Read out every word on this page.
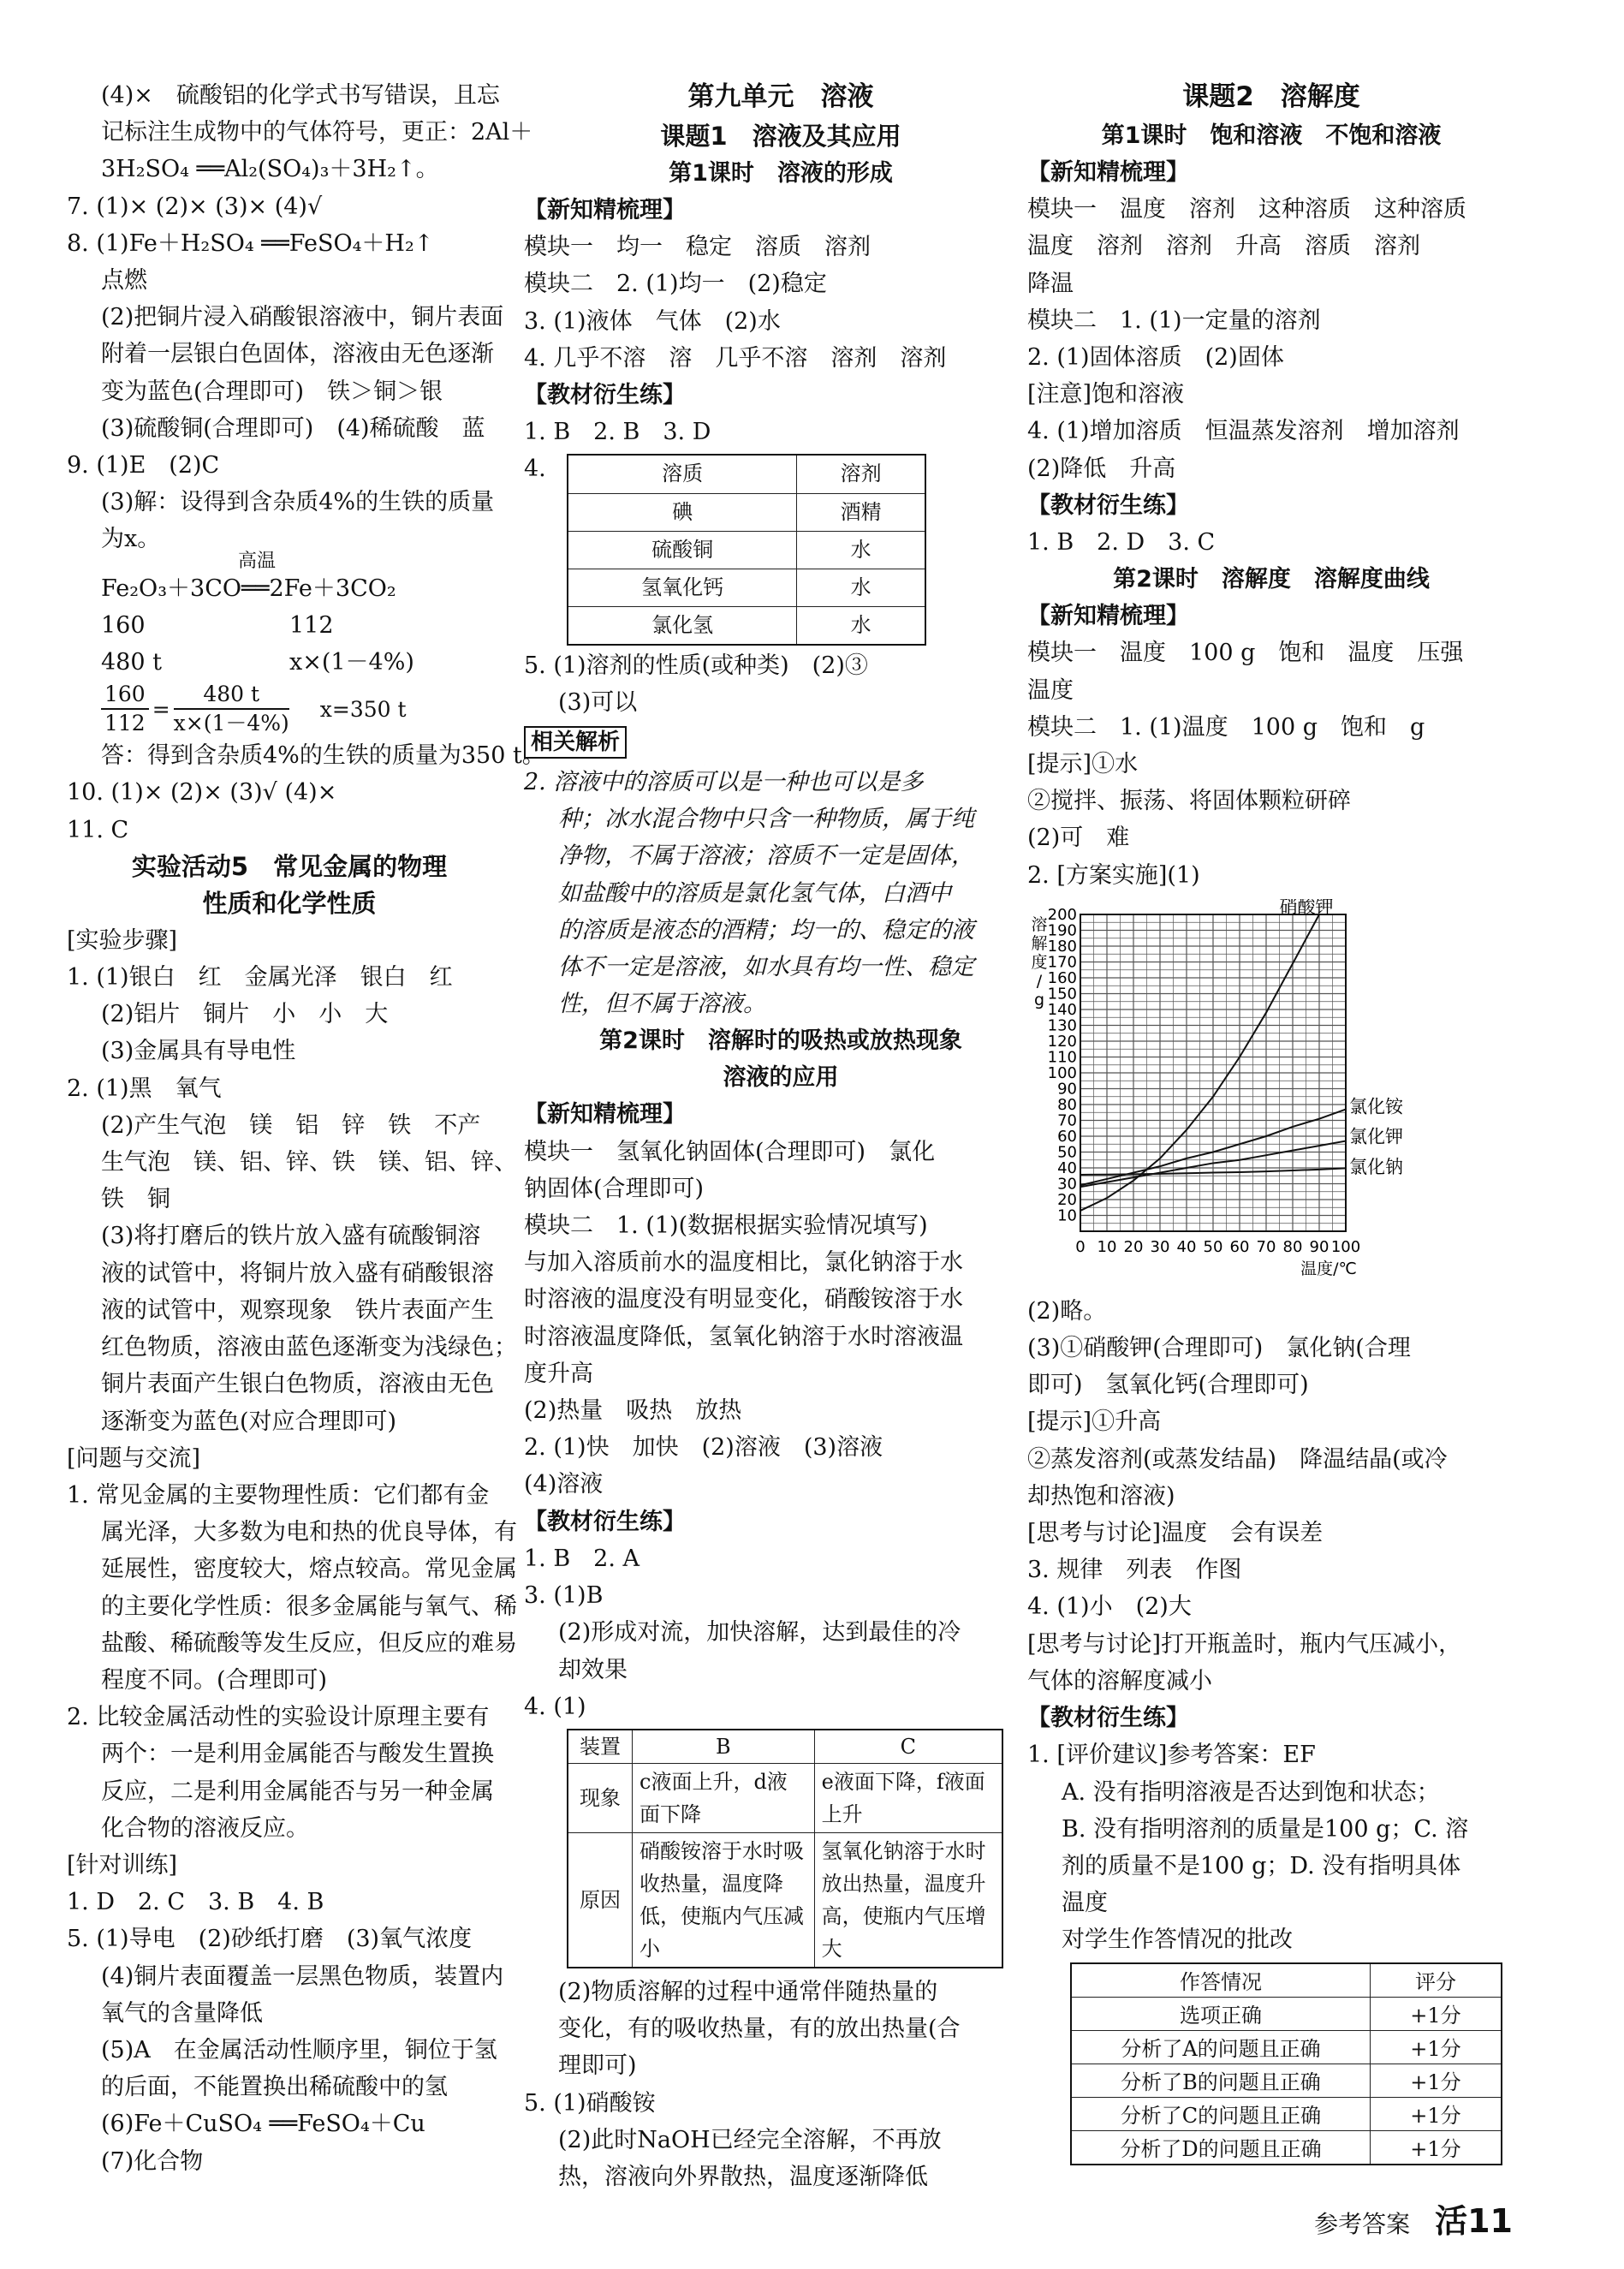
(4)×　硫酸铝的化学式书写错误，且忘
记标注生成物中的气体符号，更正：2Al＋
3H₂SO₄ ══Al₂(SO₄)₃＋3H₂↑。
7. (1)× (2)× (3)× (4)√
8. (1)Fe＋H₂SO₄ ══FeSO₄＋H₂↑
点燃
(2)把铜片浸入硝酸银溶液中，铜片表面
附着一层银白色固体，溶液由无色逐渐
变为蓝色(合理即可)　铁＞铜＞银
(3)硫酸铜(合理即可)　(4)稀硫酸　蓝
9. (1)E　(2)C
(3)解：设得到含杂质4%的生铁的质量
为x。
高温
Fe₂O₃＋3CO══2Fe＋3CO₂
160	112
480 t	x×(1－4%)
$\frac{160}{112} = \frac{480 t}{x\times(1-4\%)} x=350$ t
答：得到含杂质4%的生铁的质量为350 t。
10. (1)× (2)× (3)√ (4)×
11. C
实验活动5　常见金属的物理
性质和化学性质
[实验步骤]
1. (1)银白　红　金属光泽　银白　红
(2)铝片　铜片　小　小　大
(3)金属具有导电性
2. (1)黑　氧气
(2)产生气泡　镁　铝　锌　铁　不产
生气泡　镁、铝、锌、铁　镁、铝、锌、
铁　铜
(3)将打磨后的铁片放入盛有硫酸铜溶
液的试管中，将铜片放入盛有硝酸银溶
液的试管中，观察现象　铁片表面产生
红色物质，溶液由蓝色逐渐变为浅绿色；
铜片表面产生银白色物质，溶液由无色
逐渐变为蓝色(对应合理即可)
[问题与交流]
1. 常见金属的主要物理性质：它们都有金
属光泽，大多数为电和热的优良导体，有
延展性，密度较大，熔点较高。常见金属
的主要化学性质：很多金属能与氧气、稀
盐酸、稀硫酸等发生反应，但反应的难易
程度不同。(合理即可)
2. 比较金属活动性的实验设计原理主要有
两个：一是利用金属能否与酸发生置换
反应，二是利用金属能否与另一种金属
化合物的溶液反应。
[针对训练]
1. D　2. C　3. B　4. B
5. (1)导电　(2)砂纸打磨　(3)氧气浓度
(4)铜片表面覆盖一层黑色物质，装置内
氧气的含量降低
(5)A　在金属活动性顺序里，铜位于氢
的后面，不能置换出稀硫酸中的氢
(6)Fe＋CuSO₄ ══FeSO₄＋Cu
(7)化合物
第九单元　溶液
课题1　溶液及其应用
第1课时　溶液的形成
【新知精梳理】
模块一　均一　稳定　溶质　溶剂
模块二　2. (1)均一　(2)稳定
3. (1)液体　气体　(2)水
4. 几乎不溶　溶　几乎不溶　溶剂　溶剂
【教材衍生练】
1. B　2. B　3. D
4.	溶质	溶剂
碘	酒精
硫酸铜	水
氢氧化钙	水
氯化氢	水
5. (1)溶剂的性质(或种类)　(2)③
(3)可以
相关解析
2. 溶液中的溶质可以是一种也可以是多
种；冰水混合物中只含一种物质，属于纯
净物，不属于溶液；溶质不一定是固体，
如盐酸中的溶质是氯化氢气体，白酒中
的溶质是液态的酒精；均一的、稳定的液
体不一定是溶液，如水具有均一性、稳定
性，但不属于溶液。
第2课时　溶解时的吸热或放热现象
溶液的应用
【新知精梳理】
模块一　氢氧化钠固体(合理即可)　氯化
钠固体(合理即可)
模块二　1. (1)(数据根据实验情况填写)
与加入溶质前水的温度相比，氯化钠溶于水
时溶液的温度没有明显变化，硝酸铵溶于水
时溶液温度降低，氢氧化钠溶于水时溶液温
度升高
(2)热量　吸热　放热
2. (1)快　加快　(2)溶液　(3)溶液
(4)溶液
【教材衍生练】
1. B　2. A
3. (1)B
(2)形成对流，加快溶解，达到最佳的冷
却效果
4. (1)
装置	B	C
现象	c液面上升，d液面下降	e液面下降，f液面上升
原因	硝酸铵溶于水时吸收热量，温度降低，使瓶内气压减小	氢氧化钠溶于水时放出热量，温度升高，使瓶内气压增大
(2)物质溶解的过程中通常伴随热量的
变化，有的吸收热量，有的放出热量(合
理即可)
5. (1)硝酸铵
(2)此时NaOH已经完全溶解，不再放
热，溶液向外界散热，温度逐渐降低
课题2　溶解度
第1课时　饱和溶液　不饱和溶液
【新知精梳理】
模块一　温度　溶剂　这种溶质　这种溶质
温度　溶剂　溶剂　升高　溶质　溶剂
降温
模块二　1. (1)一定量的溶剂
2. (1)固体溶质　(2)固体
[注意]饱和溶液
4. (1)增加溶质　恒温蒸发溶剂　增加溶剂
(2)降低　升高
【教材衍生练】
1. B　2. D　3. C
第2课时　溶解度　溶解度曲线
【新知精梳理】
模块一　温度　100 g　饱和　温度　压强
温度
模块二　1. (1)温度　100 g　饱和　g
[提示]①水
②搅拌、振荡、将固体颗粒研碎
(2)可　难
2. [方案实施](1)
10
20
30
40
50
60
70
80
90
100
110
120
130
140
150
160
170
180
190
200
0 10 20 30 40 50 60 70 80 90 100
溶
解
度
/
g
温度/℃
硝酸钾
氯化铵
氯化钾
氯化钠
(2)略。
(3)①硝酸钾(合理即可)　氯化钠(合理
即可)　氢氧化钙(合理即可)
[提示]①升高
②蒸发溶剂(或蒸发结晶)　降温结晶(或冷
却热饱和溶液)
[思考与讨论]温度　会有误差
3. 规律　列表　作图
4. (1)小　(2)大
[思考与讨论]打开瓶盖时，瓶内气压减小，
气体的溶解度减小
【教材衍生练】
1. [评价建议]参考答案：EF
A. 没有指明溶液是否达到饱和状态；
B. 没有指明溶剂的质量是100 g；C. 溶
剂的质量不是100 g；D. 没有指明具体
温度
对学生作答情况的批改
作答情况	评分
选项正确	+1分
分析了A的问题且正确	+1分
分析了B的问题且正确	+1分
分析了C的问题且正确	+1分
分析了D的问题且正确	+1分
参考答案 活11
